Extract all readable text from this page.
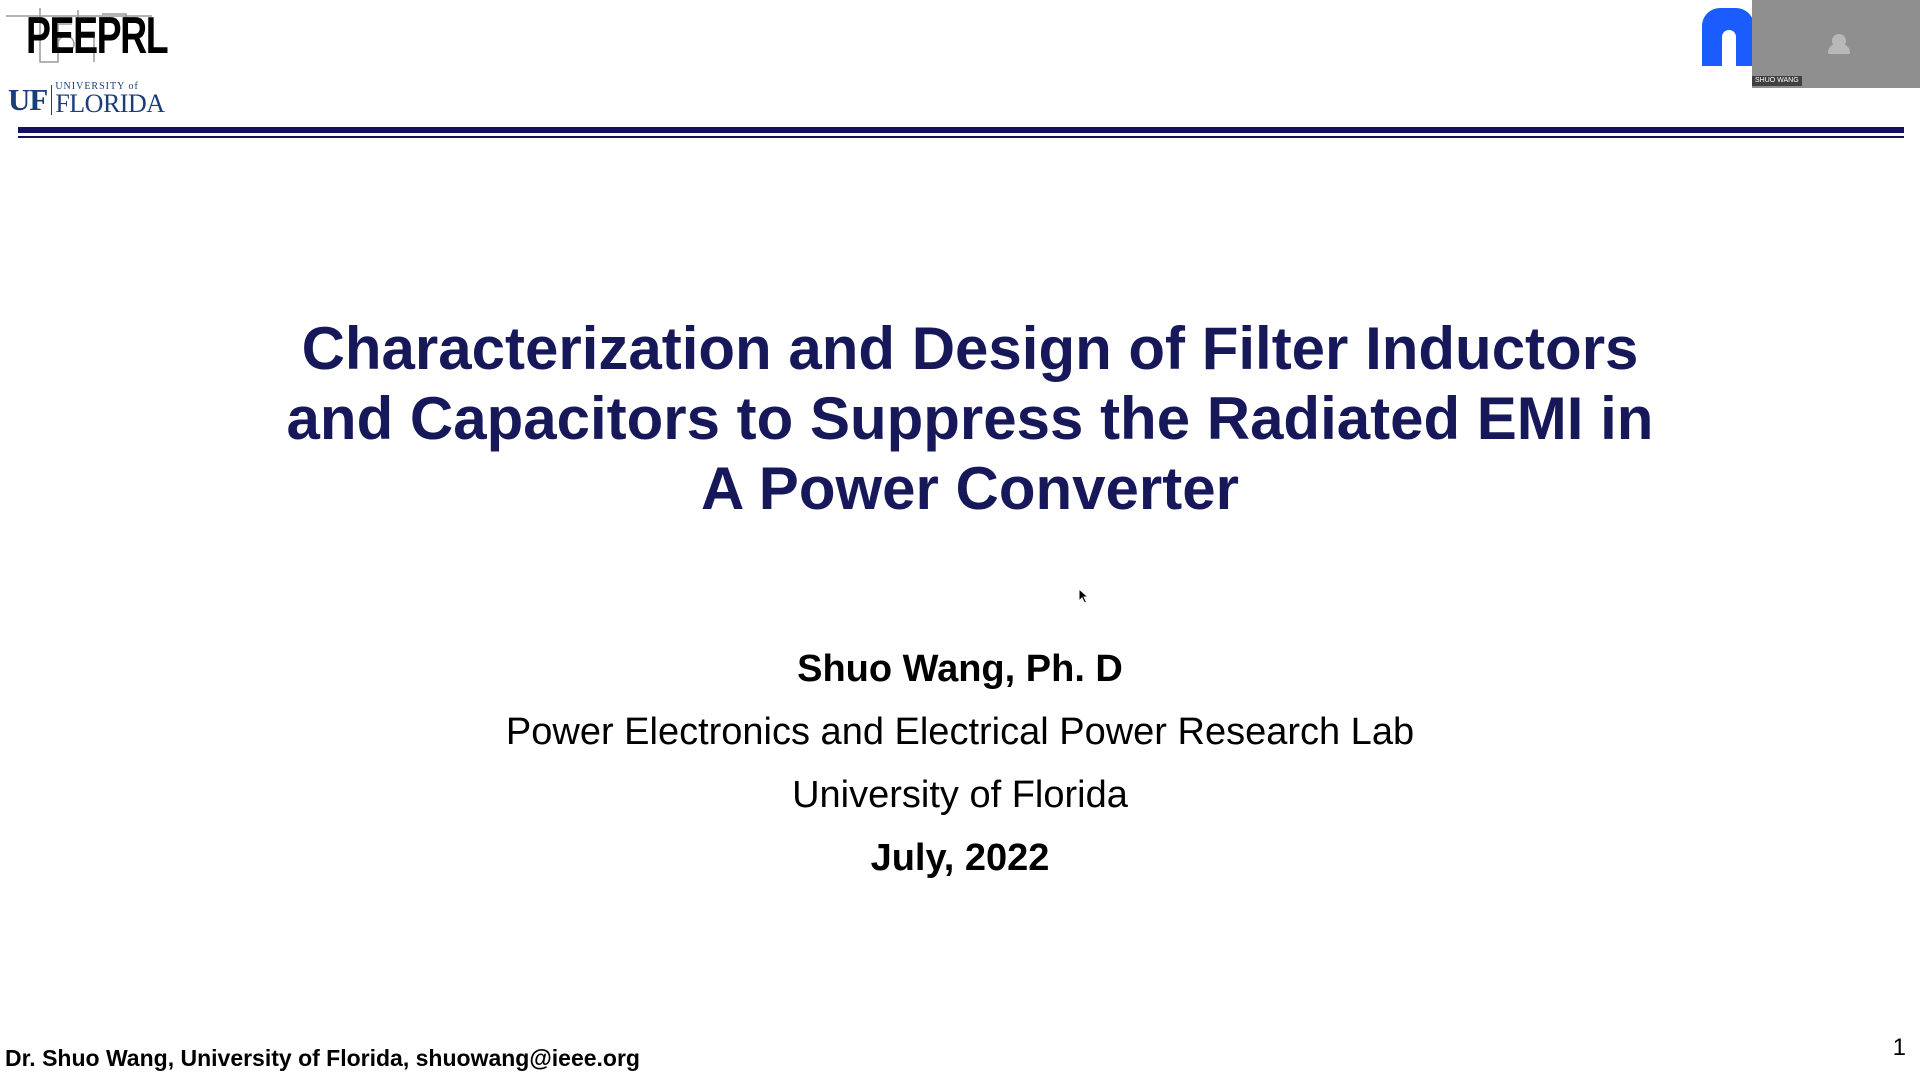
PEEPRL
UF UNIVERSITY of
FLORIDA
SHUO WANG
Characterization and Design of Filter Inductors
and Capacitors to Suppress the Radiated EMI in
A Power Converter
Shuo Wang, Ph. D
Power Electronics and Electrical Power Research Lab
University of Florida
July, 2022
Dr. Shuo Wang, University of Florida, shuowang@ieee.org	1
